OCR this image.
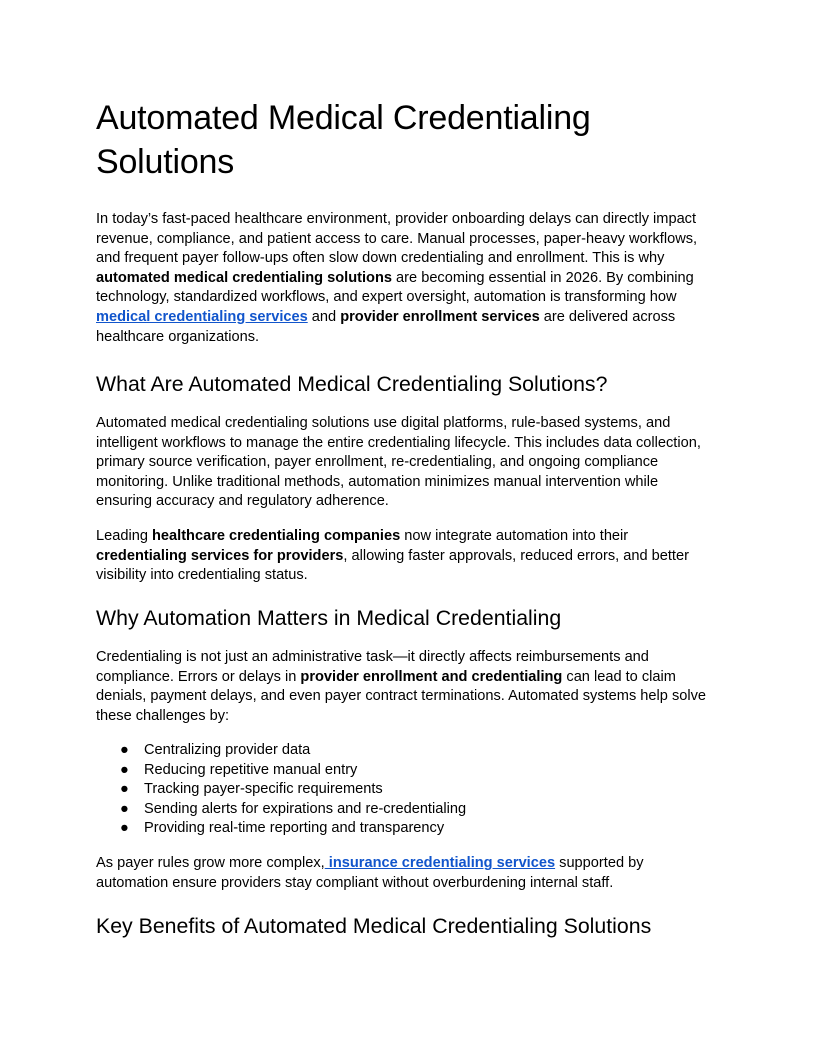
Automated Medical Credentialing Solutions

In today’s fast-paced healthcare environment, provider onboarding delays can directly impact revenue, compliance, and patient access to care. Manual processes, paper-heavy workflows, and frequent payer follow-ups often slow down credentialing and enrollment. This is why automated medical credentialing solutions are becoming essential in 2026. By combining technology, standardized workflows, and expert oversight, automation is transforming how medical credentialing services and provider enrollment services are delivered across healthcare organizations.

What Are Automated Medical Credentialing Solutions?

Automated medical credentialing solutions use digital platforms, rule-based systems, and intelligent workflows to manage the entire credentialing lifecycle. This includes data collection, primary source verification, payer enrollment, re-credentialing, and ongoing compliance monitoring. Unlike traditional methods, automation minimizes manual intervention while ensuring accuracy and regulatory adherence.

Leading healthcare credentialing companies now integrate automation into their credentialing services for providers, allowing faster approvals, reduced errors, and better visibility into credentialing status.

Why Automation Matters in Medical Credentialing

Credentialing is not just an administrative task—it directly affects reimbursements and compliance. Errors or delays in provider enrollment and credentialing can lead to claim denials, payment delays, and even payer contract terminations. Automated systems help solve these challenges by:

● Centralizing provider data
● Reducing repetitive manual entry
● Tracking payer-specific requirements
● Sending alerts for expirations and re-credentialing
● Providing real-time reporting and transparency

As payer rules grow more complex, insurance credentialing services supported by automation ensure providers stay compliant without overburdening internal staff.

Key Benefits of Automated Medical Credentialing Solutions
